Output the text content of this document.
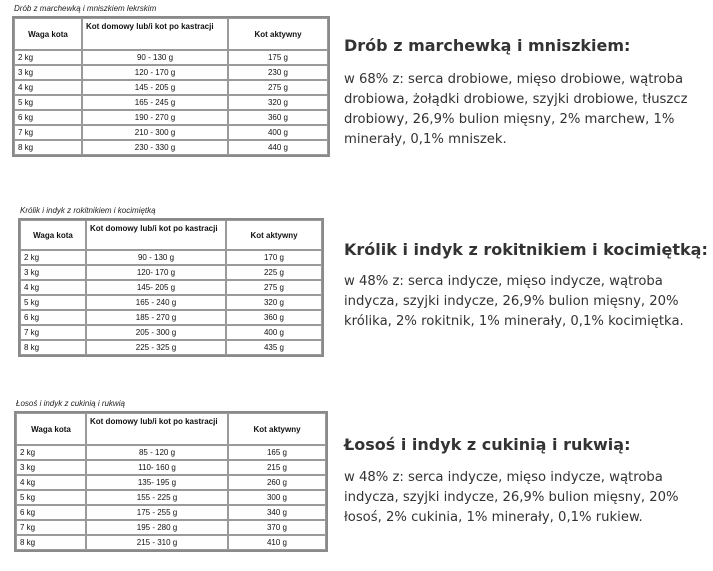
Drób z marchewką i mniszkiem lekrskim
Waga kota	Kot domowy lub/i kot po kastracji	Kot aktywny
2 kg	90 - 130 g	175 g
3 kg	120 - 170 g	230 g
4 kg	145 - 205 g	275 g
5 kg	165 - 245 g	320 g
6 kg	190 - 270 g	360 g
7 kg	210 - 300 g	400 g
8 kg	230 - 330 g	440 g
Drób z marchewką i mniszkiem:
w 68% z: serca drobiowe, mięso drobiowe, wątroba drobiowa, żołądki drobiowe, szyjki drobiowe, tłuszcz drobiowy, 26,9% bulion mięsny, 2% marchew, 1% minerały, 0,1% mniszek.
Królik i indyk z rokitnikiem i kocimiętką
Waga kota	Kot domowy lub/i kot po kastracji	Kot aktywny
2 kg	90 - 130 g	170 g
3 kg	120- 170 g	225 g
4 kg	145- 205 g	275 g
5 kg	165 - 240 g	320 g
6 kg	185 - 270 g	360 g
7 kg	205 - 300 g	400 g
8 kg	225 - 325 g	435 g
Królik i indyk z rokitnikiem i kocimiętką:
w 48% z: serca indycze, mięso indycze, wątroba indycza, szyjki indycze, 26,9% bulion mięsny, 20% królika, 2% rokitnik, 1% minerały, 0,1% kocimiętka.
Łosoś i indyk z cukinią i rukwią
Waga kota	Kot domowy lub/i kot po kastracji	Kot aktywny
2 kg	85 - 120 g	165 g
3 kg	110- 160 g	215 g
4 kg	135- 195 g	260 g
5 kg	155 - 225 g	300 g
6 kg	175 - 255 g	340 g
7 kg	195 - 280 g	370 g
8 kg	215 - 310 g	410 g
Łosoś i indyk z cukinią i rukwią:
w 48% z: serca indycze, mięso indycze, wątroba indycza, szyjki indycze, 26,9% bulion mięsny, 20% łosoś, 2% cukinia, 1% minerały, 0,1% rukiew.
